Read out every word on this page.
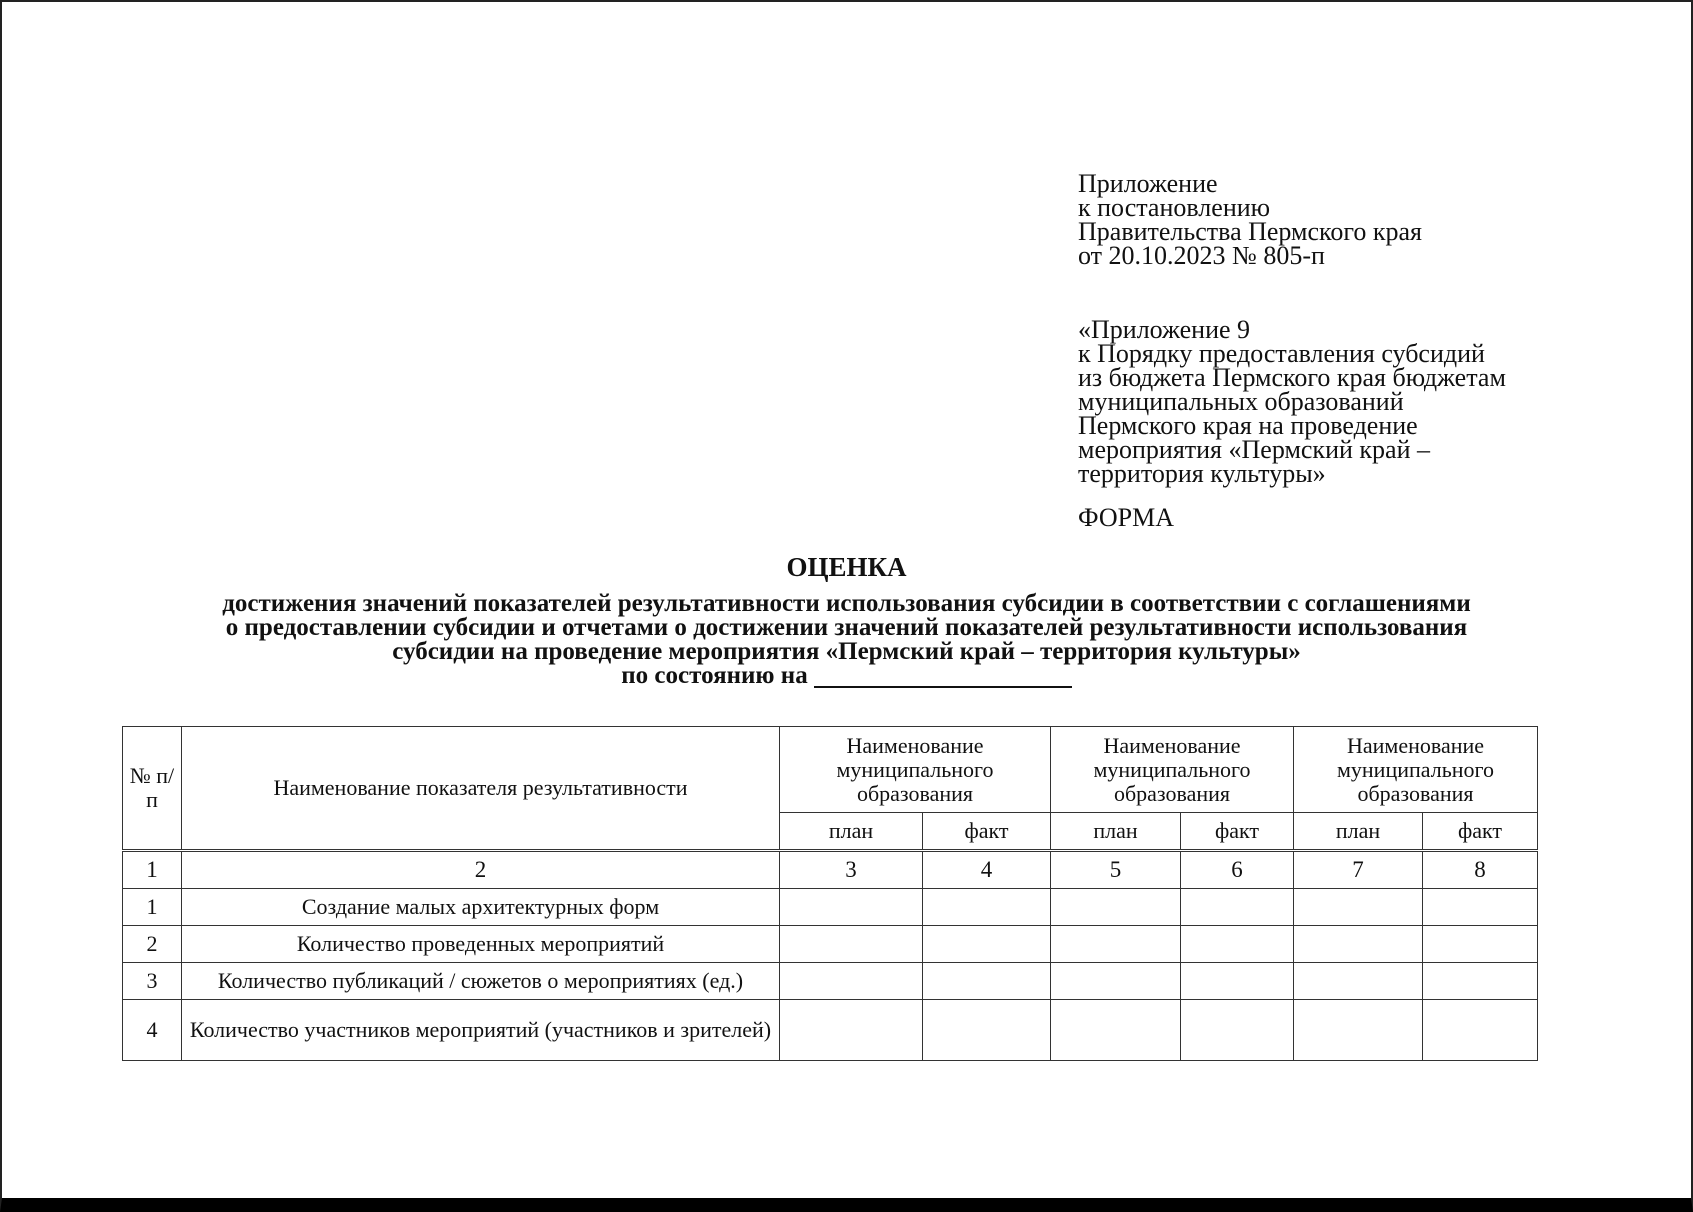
Приложение
к постановлению
Правительства Пермского края
от 20.10.2023 № 805-п
«Приложение 9
к Порядку предоставления субсидий
из бюджета Пермского края бюджетам
муниципальных образований
Пермского края на проведение
мероприятия «Пермский край –
территория культуры»
ФОРМА
ОЦЕНКА
достижения значений показателей результативности использования субсидии в соответствии с соглашениями
о предоставлении субсидии и отчетами о достижении значений показателей результативности использования
субсидии на проведение мероприятия «Пермский край – территория культуры»
по состоянию на
№ п/п	Наименование показателя результативности	Наименование муниципального образования		Наименование муниципального образования		Наименование муниципального образования	
		план	факт	план	факт	план	факт
1	2	3	4	5	6	7	8
1	Создание малых архитектурных форм						
2	Количество проведенных мероприятий						
3	Количество публикаций / сюжетов о мероприятиях (ед.)						
4	Количество участников мероприятий (участников и зрителей)						
